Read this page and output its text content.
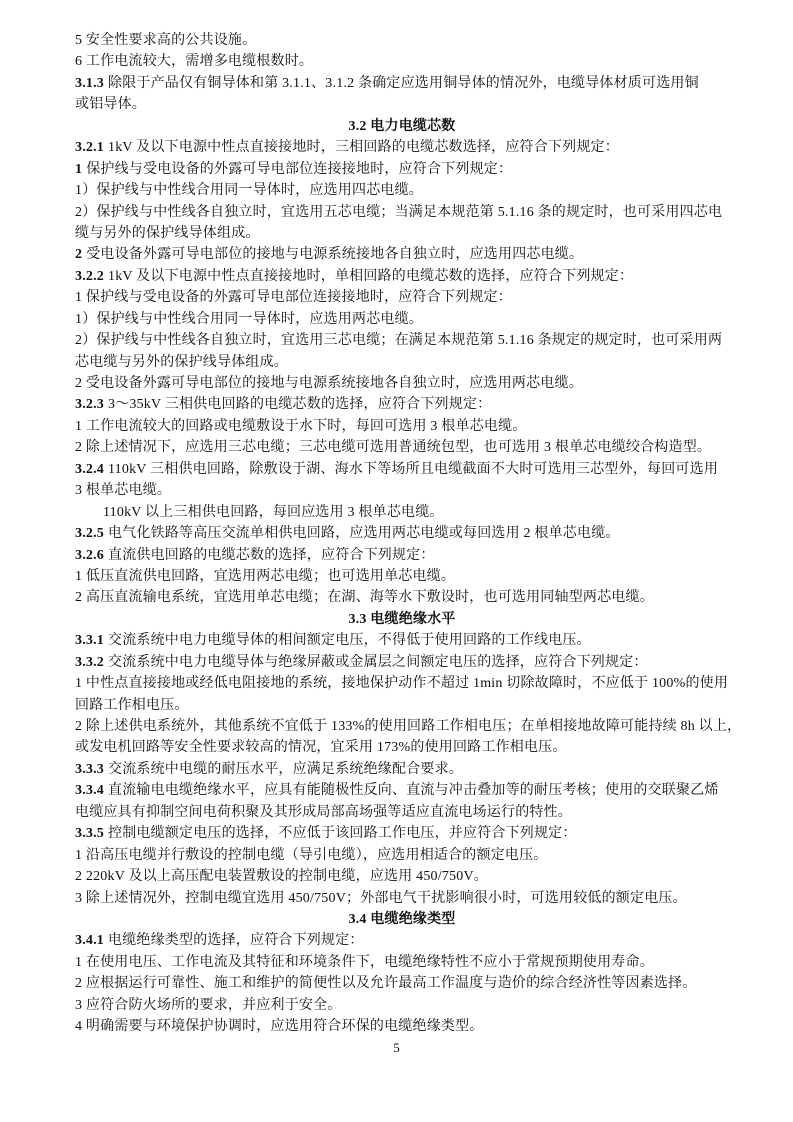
5 安全性要求高的公共设施。
6 工作电流较大，需增多电缆根数时。
3.1.3 除限于产品仅有铜导体和第 3.1.1、3.1.2 条确定应选用铜导体的情况外，电缆导体材质可选用铜
或铝导体。
3.2 电力电缆芯数
3.2.1 1kV 及以下电源中性点直接接地时，三相回路的电缆芯数选择，应符合下列规定：
1 保护线与受电设备的外露可导电部位连接接地时，应符合下列规定：
1）保护线与中性线合用同一导体时，应选用四芯电缆。
2）保护线与中性线各自独立时，宜选用五芯电缆；当满足本规范第 5.1.16 条的规定时，也可采用四芯电
缆与另外的保护线导体组成。
2 受电设备外露可导电部位的接地与电源系统接地各自独立时，应选用四芯电缆。
3.2.2 1kV 及以下电源中性点直接接地时，单相回路的电缆芯数的选择，应符合下列规定：
1 保护线与受电设备的外露可导电部位连接接地时，应符合下列规定：
1）保护线与中性线合用同一导体时，应选用两芯电缆。
2）保护线与中性线各自独立时，宜选用三芯电缆；在满足本规范第 5.1.16 条规定的规定时，也可采用两
芯电缆与另外的保护线导体组成。
2 受电设备外露可导电部位的接地与电源系统接地各自独立时，应选用两芯电缆。
3.2.3 3～35kV 三相供电回路的电缆芯数的选择，应符合下列规定：
1 工作电流较大的回路或电缆敷设于水下时，每回可选用 3 根单芯电缆。
2 除上述情况下，应选用三芯电缆；三芯电缆可选用普通统包型，也可选用 3 根单芯电缆绞合构造型。
3.2.4 110kV 三相供电回路，除敷设于湖、海水下等场所且电缆截面不大时可选用三芯型外，每回可选用
3 根单芯电缆。
110kV 以上三相供电回路，每回应选用 3 根单芯电缆。
3.2.5 电气化铁路等高压交流单相供电回路，应选用两芯电缆或每回选用 2 根单芯电缆。
3.2.6 直流供电回路的电缆芯数的选择，应符合下列规定：
1 低压直流供电回路，宜选用两芯电缆；也可选用单芯电缆。
2 高压直流输电系统，宜选用单芯电缆；在湖、海等水下敷设时，也可选用同轴型两芯电缆。
3.3 电缆绝缘水平
3.3.1 交流系统中电力电缆导体的相间额定电压，不得低于使用回路的工作线电压。
3.3.2 交流系统中电力电缆导体与绝缘屏蔽或金属层之间额定电压的选择，应符合下列规定：
1 中性点直接接地或经低电阻接地的系统，接地保护动作不超过 1min 切除故障时，不应低于 100%的使用
回路工作相电压。
2 除上述供电系统外，其他系统不宜低于 133%的使用回路工作相电压；在单相接地故障可能持续 8h 以上，
或发电机回路等安全性要求较高的情况，宜采用 173%的使用回路工作相电压。
3.3.3 交流系统中电缆的耐压水平，应满足系统绝缘配合要求。
3.3.4 直流输电电缆绝缘水平，应具有能随极性反向、直流与冲击叠加等的耐压考核；使用的交联聚乙烯
电缆应具有抑制空间电荷积聚及其形成局部高场强等适应直流电场运行的特性。
3.3.5 控制电缆额定电压的选择，不应低于该回路工作电压，并应符合下列规定：
1 沿高压电缆并行敷设的控制电缆（导引电缆），应选用相适合的额定电压。
2 220kV 及以上高压配电装置敷设的控制电缆，应选用 450/750V。
3 除上述情况外，控制电缆宜选用 450/750V；外部电气干扰影响很小时，可选用较低的额定电压。
3.4 电缆绝缘类型
3.4.1 电缆绝缘类型的选择，应符合下列规定：
1 在使用电压、工作电流及其特征和环境条件下，电缆绝缘特性不应小于常规预期使用寿命。
2 应根据运行可靠性、施工和维护的简便性以及允许最高工作温度与造价的综合经济性等因素选择。
3 应符合防火场所的要求，并应利于安全。
4 明确需要与环境保护协调时，应选用符合环保的电缆绝缘类型。
5
